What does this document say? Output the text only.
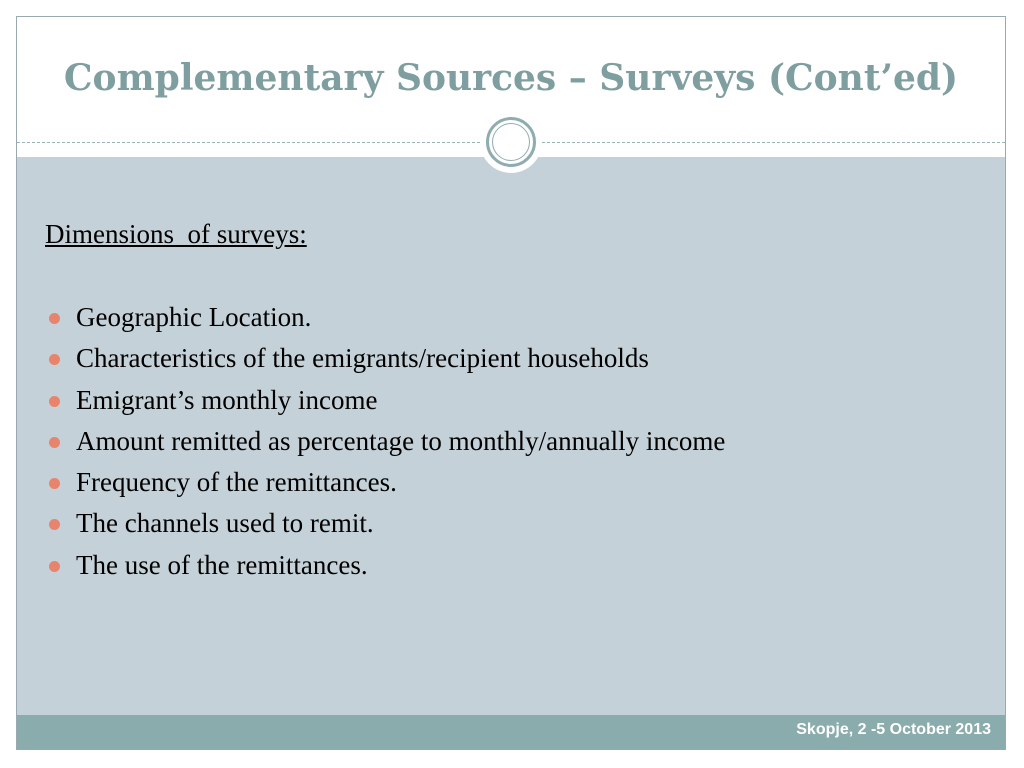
Complementary Sources – Surveys (Cont’ed)

Dimensions  of surveys:

Geographic Location.
Characteristics of the emigrants/recipient households
Emigrant’s monthly income
Amount remitted as percentage to monthly/annually income
Frequency of the remittances.
The channels used to remit.
The use of the remittances.

Skopje, 2 -5 October 2013
